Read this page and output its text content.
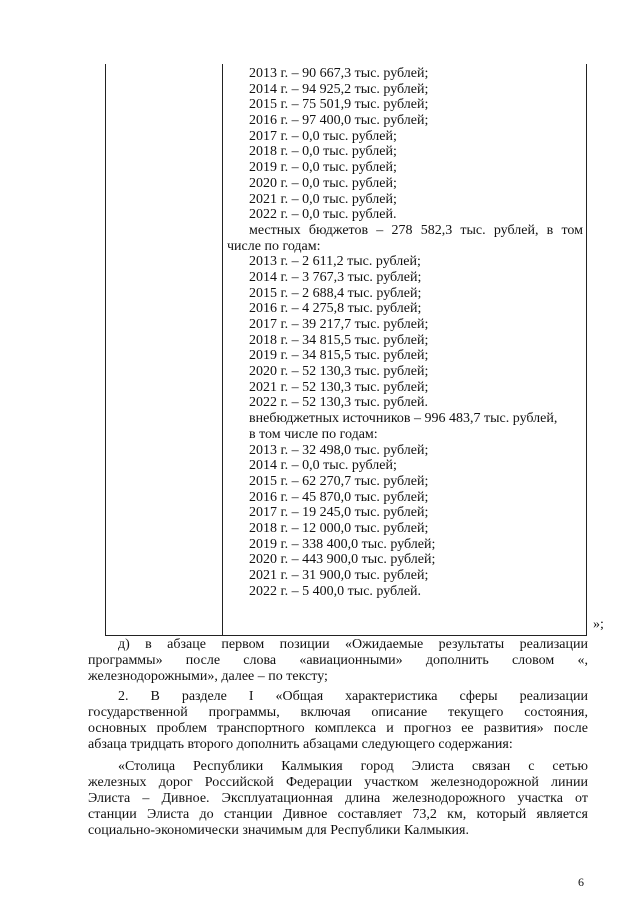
2013 г. – 90 667,3 тыс. рублей;
2014 г. – 94 925,2 тыс. рублей;
2015 г. – 75 501,9 тыс. рублей;
2016 г. – 97 400,0 тыс. рублей;
2017 г. – 0,0 тыс. рублей;
2018 г. – 0,0 тыс. рублей;
2019 г. – 0,0 тыс. рублей;
2020 г. – 0,0 тыс. рублей;
2021 г. – 0,0 тыс. рублей;
2022 г. – 0,0 тыс. рублей.
местных бюджетов – 278 582,3 тыс. рублей, в том
числе по годам:
2013 г. – 2 611,2 тыс. рублей;
2014 г. – 3 767,3 тыс. рублей;
2015 г. – 2 688,4 тыс. рублей;
2016 г. – 4 275,8 тыс. рублей;
2017 г. – 39 217,7 тыс. рублей;
2018 г. – 34 815,5 тыс. рублей;
2019 г. – 34 815,5 тыс. рублей;
2020 г. – 52 130,3 тыс. рублей;
2021 г. – 52 130,3 тыс. рублей;
2022 г. – 52 130,3 тыс. рублей.
внебюджетных источников – 996 483,7 тыс. рублей,
в том числе по годам:
2013 г. – 32 498,0 тыс. рублей;
2014 г. – 0,0 тыс. рублей;
2015 г. – 62 270,7 тыс. рублей;
2016 г. – 45 870,0 тыс. рублей;
2017 г. – 19 245,0 тыс. рублей;
2018 г. – 12 000,0 тыс. рублей;
2019 г. – 338 400,0 тыс. рублей;
2020 г. – 443 900,0 тыс. рублей;
2021 г. – 31 900,0 тыс. рублей;
2022 г. – 5 400,0 тыс. рублей.
»;
д) в абзаце первом позиции «Ожидаемые результаты реализации
программы» после слова «авиационными» дополнить словом «,
железнодорожными», далее – по тексту;
2. В разделе I «Общая характеристика сферы реализации
государственной программы, включая описание текущего состояния,
основных проблем транспортного комплекса и прогноз ее развития» после
абзаца тридцать второго дополнить абзацами следующего содержания:
«Столица Республики Калмыкия город Элиста связан с сетью
железных дорог Российской Федерации участком железнодорожной линии
Элиста – Дивное. Эксплуатационная длина железнодорожного участка от
станции Элиста до станции Дивное составляет 73,2 км, который является
социально-экономически значимым для Республики Калмыкия.
6
